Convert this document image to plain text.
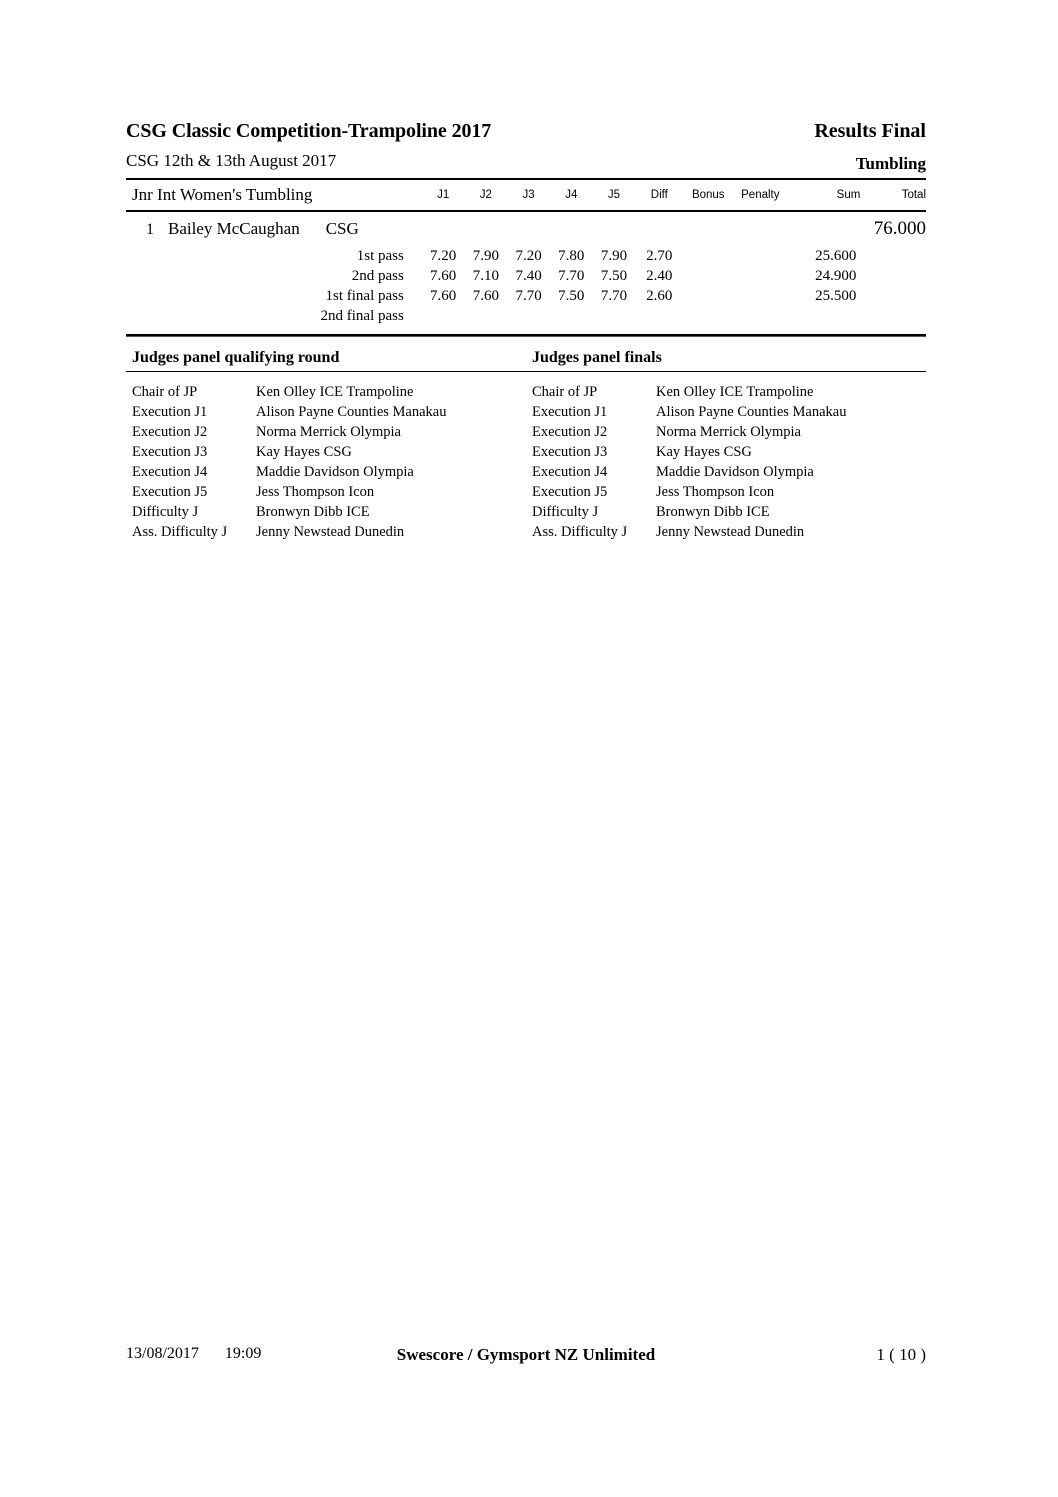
CSG Classic Competition-Trampoline 2017
CSG 12th & 13th August 2017
Results Final
Tumbling
Jnr Int Women's Tumbling	J1	J2	J3	J4	J5	Diff	Bonus	Penalty	Sum	Total

1 Bailey McCaughan CSG										76.000
1st pass	7.20	7.90	7.20	7.80	7.90	2.70			25.600	
2nd pass	7.60	7.10	7.40	7.70	7.50	2.40			24.900	
1st final pass	7.60	7.60	7.70	7.50	7.70	2.60			25.500	
2nd final pass										

Judges panel qualifying round	Judges panel finals

Chair of JP	Ken Olley ICE Trampoline
Execution J1	Alison Payne Counties Manakau
Execution J2	Norma Merrick Olympia
Execution J3	Kay Hayes CSG
Execution J4	Maddie Davidson Olympia
Execution J5	Jess Thompson Icon
Difficulty J	Bronwyn Dibb ICE
Ass. Difficulty J	Jenny Newstead Dunedin

Chair of JP	Ken Olley ICE Trampoline
Execution J1	Alison Payne Counties Manakau
Execution J2	Norma Merrick Olympia
Execution J3	Kay Hayes CSG
Execution J4	Maddie Davidson Olympia
Execution J5	Jess Thompson Icon
Difficulty J	Bronwyn Dibb ICE
Ass. Difficulty J	Jenny Newstead Dunedin
13/08/2017 19:09	Swescore / Gymsport NZ Unlimited	1 ( 10 )
